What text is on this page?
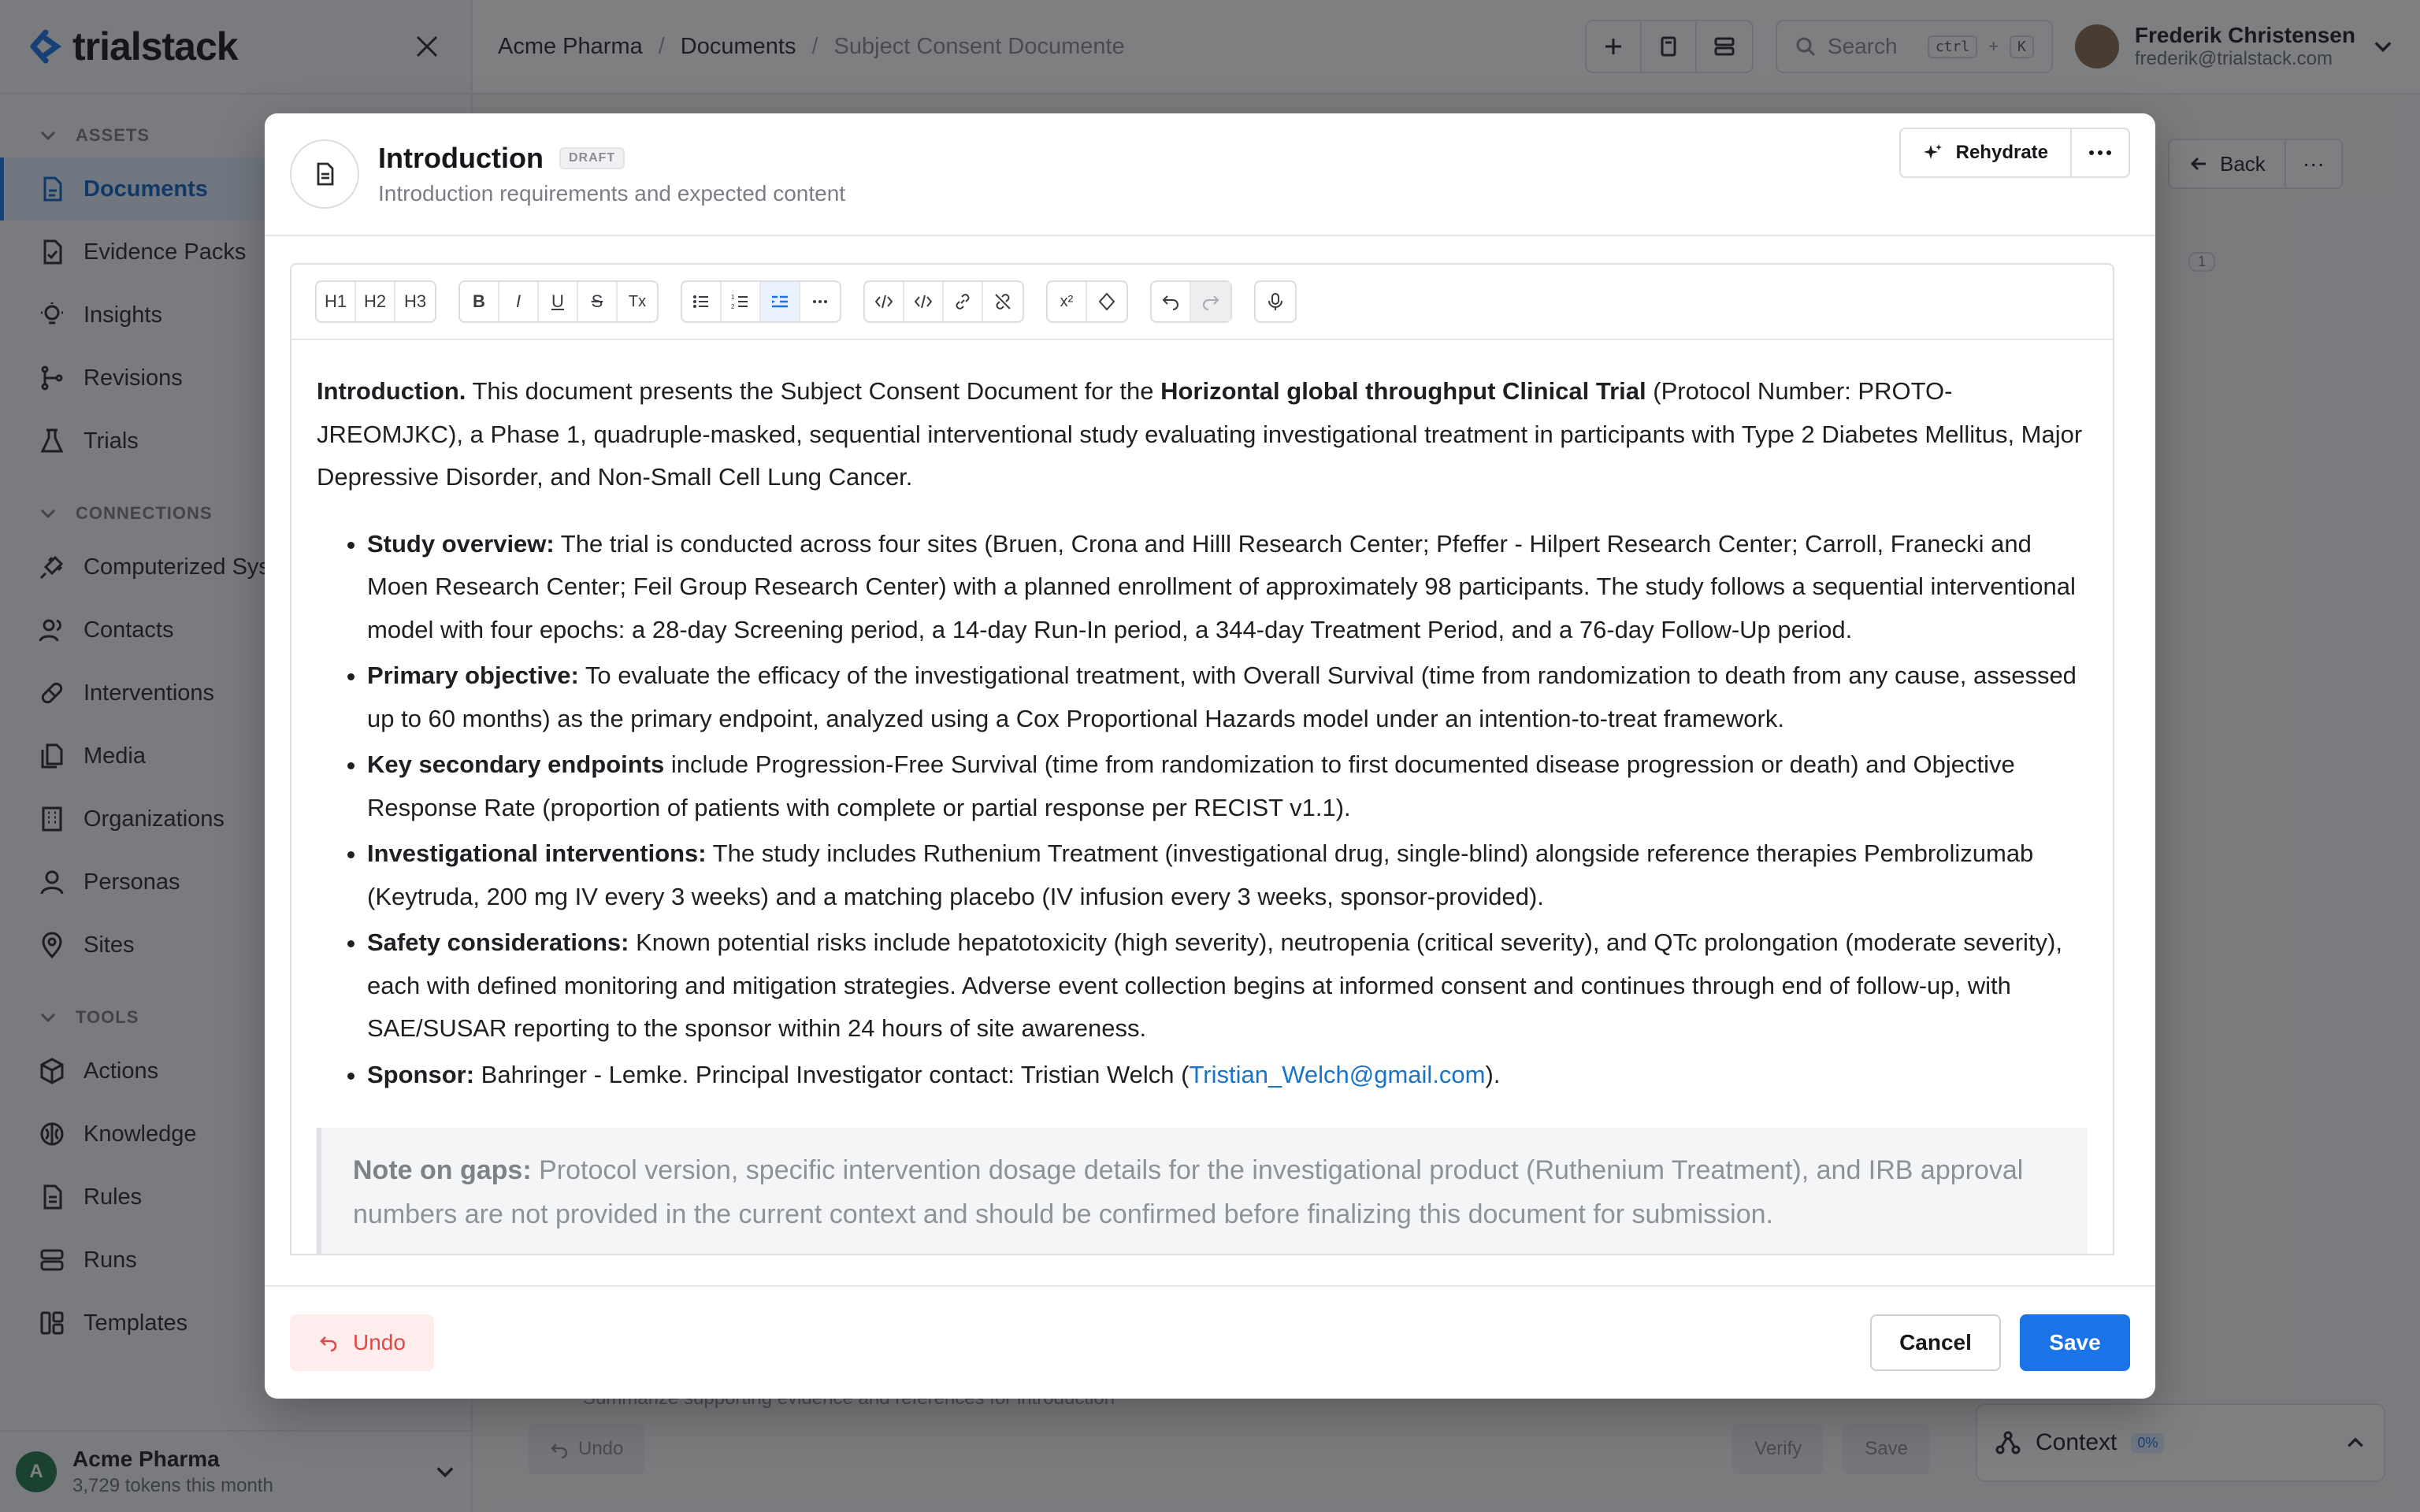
Introduction	DRAFT
Introduction requirements and expected content
Rehydrate
H1 H2	H3	B	I	U	S	Tx	1
2	x²

Introduction. This document presents the Subject Consent Document for the Horizontal global throughput Clinical Trial (Protocol Number: PROTO-JREOMJKC), a Phase 1, quadruple-masked, sequential interventional study evaluating investigational treatment in participants with Type 2 Diabetes Mellitus, Major Depressive Disorder, and Non-Small Cell Lung Cancer.

• Study overview: The trial is conducted across four sites (Bruen, Crona and Hilll Research Center; Pfeffer - Hilpert Research Center; Carroll, Franecki and Moen Research Center; Feil Group Research Center) with a planned enrollment of approximately 98 participants. The study follows a sequential interventional model with four epochs: a 28-day Screening period, a 14-day Run-In period, a 344-day Treatment Period, and a 76-day Follow-Up period.
• Primary objective: To evaluate the efficacy of the investigational treatment, with Overall Survival (time from randomization to death from any cause, assessed up to 60 months) as the primary endpoint, analyzed using a Cox Proportional Hazards model under an intention-to-treat framework.
• Key secondary endpoints include Progression-Free Survival (time from randomization to first documented disease progression or death) and Objective Response Rate (proportion of patients with complete or partial response per RECIST v1.1).
• Investigational interventions: The study includes Ruthenium Treatment (investigational drug, single-blind) alongside reference therapies Pembrolizumab (Keytruda, 200 mg IV every 3 weeks) and a matching placebo (IV infusion every 3 weeks, sponsor-provided).
• Safety considerations: Known potential risks include hepatotoxicity (high severity), neutropenia (critical severity), and QTc prolongation (moderate severity), each with defined monitoring and mitigation strategies. Adverse event collection begins at informed consent and continues through end of follow-up, with SAE/SUSAR reporting to the sponsor within 24 hours of site awareness.
• Sponsor: Bahringer - Lemke. Principal Investigator contact: Tristian Welch (Tristian_Welch@gmail.com).
Note on gaps: Protocol version, specific intervention dosage details for the investigational product (Ruthenium Treatment), and IRB approval numbers are not provided in the current context and should be confirmed before finalizing this document for submission.
Undo	Cancel	Save
